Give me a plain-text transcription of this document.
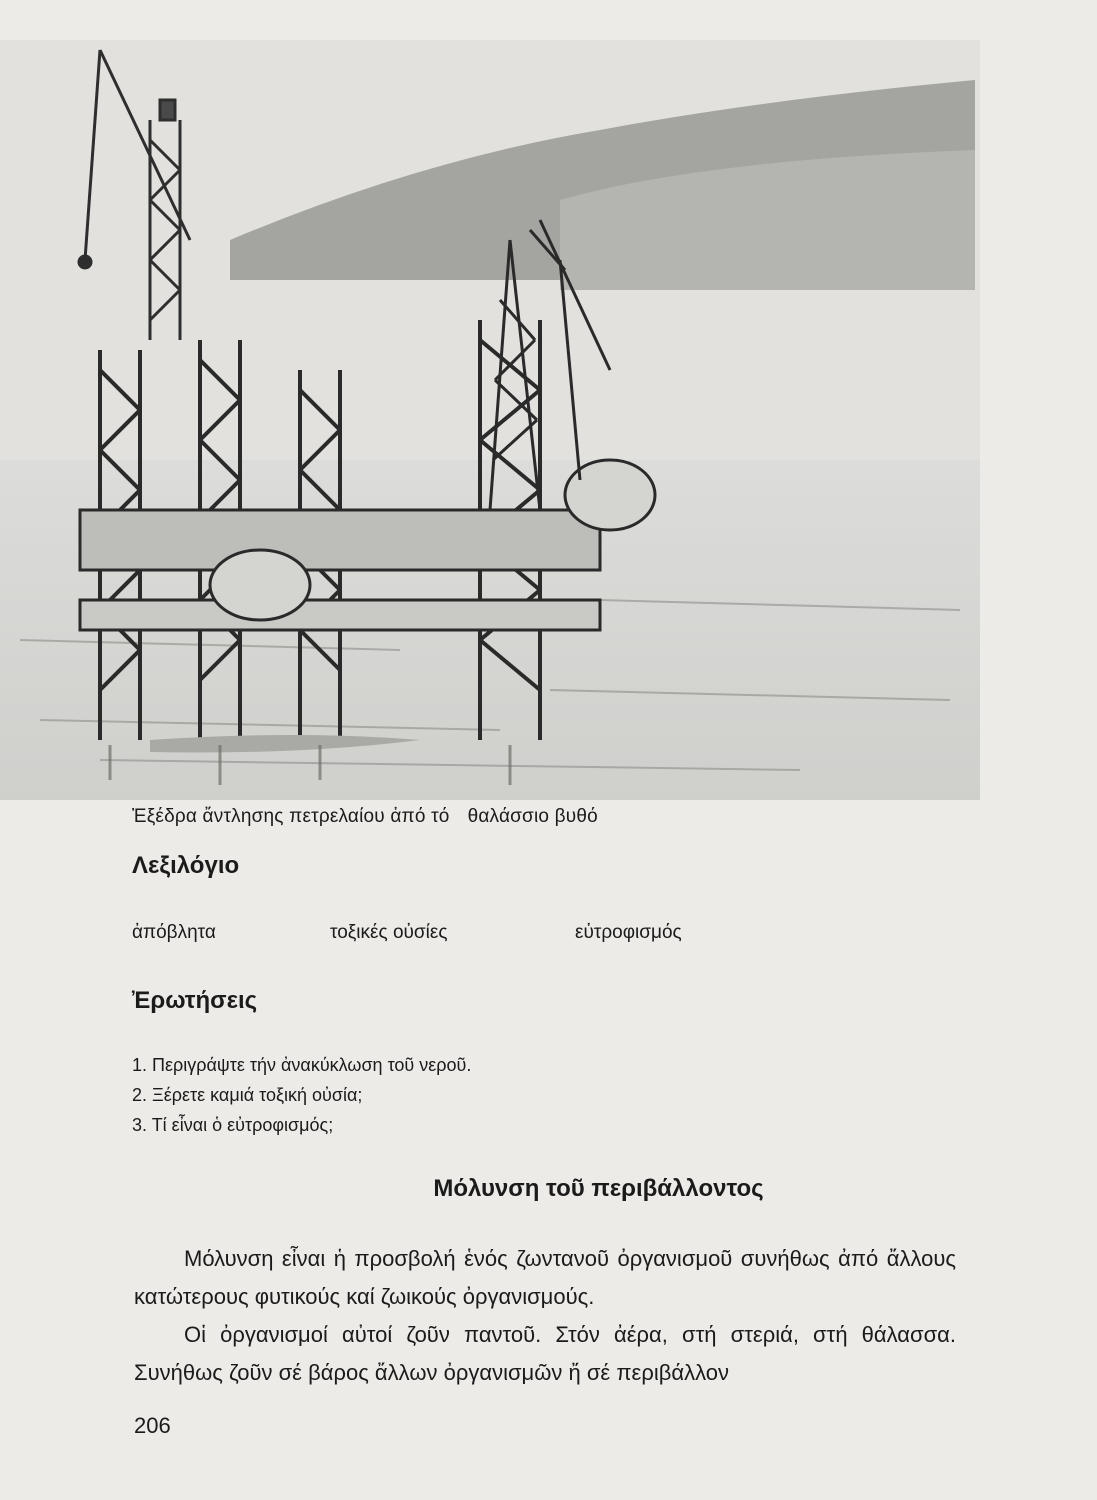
Ἐξέδρα ἄντλησης πετρελαίου ἀπό τό θαλάσσιο βυθό
Λεξιλόγιο
ἀπόβλητα	τοξικές οὐσίες	εὐτροφισμός
Ἐρωτήσεις
1. Περιγράψτε τήν ἀνακύκλωση τοῦ νεροῦ.
2. Ξέρετε καμιά τοξική οὐσία;
3. Τί εἶναι ὁ εὐτροφισμός;
Μόλυνση τοῦ περιβάλλοντος

Μόλυνση εἶναι ἡ προσβολή ἑνός ζωντανοῦ ὀργανισμοῦ συνήθως ἀπό ἄλλους κατώτερους φυτικούς καί ζωικούς ὀργανισμούς.

Οἱ ὀργανισμοί αὐτοί ζοῦν παντοῦ. Στόν ἀέρα, στή στεριά, στή θάλασσα. Συνήθως ζοῦν σέ βάρος ἄλλων ὀργανισμῶν ἤ σέ περιβάλλον

206
